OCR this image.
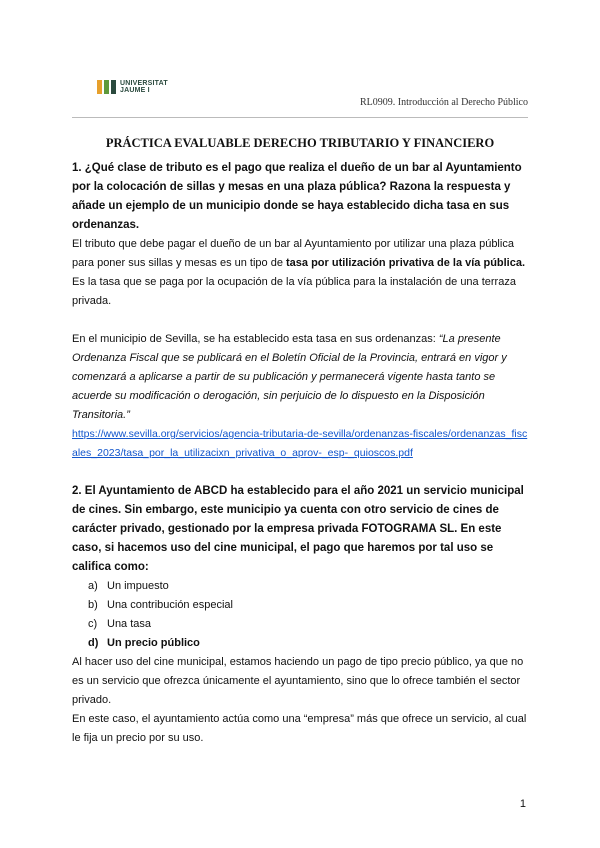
UNIVERSITAT
JAUME I
RL0909. Introducción al Derecho Público
PRÁCTICA EVALUABLE DERECHO TRIBUTARIO Y FINANCIERO

1. ¿Qué clase de tributo es el pago que realiza el dueño de un bar al Ayuntamiento por la colocación de sillas y mesas en una plaza pública? Razona la respuesta y añade un ejemplo de un municipio donde se haya establecido dicha tasa en sus ordenanzas.

El tributo que debe pagar el dueño de un bar al Ayuntamiento por utilizar una plaza pública para poner sus sillas y mesas es un tipo de tasa por utilización privativa de la vía pública. Es la tasa que se paga por la ocupación de la vía pública para la instalación de una terraza privada.

En el municipio de Sevilla, se ha establecido esta tasa en sus ordenanzas: “La presente Ordenanza Fiscal que se publicará en el Boletín Oficial de la Provincia, entrará en vigor y comenzará a aplicarse a partir de su publicación y permanecerá vigente hasta tanto se acuerde su modificación o derogación, sin perjuicio de lo dispuesto en la Disposición Transitoria.”

https://www.sevilla.org/servicios/agencia-tributaria-de-sevilla/ordenanzas-fiscales/ordenanzas_fiscales_2023/tasa_por_la_utilizacixn_privativa_o_aprov-_esp-_quioscos.pdf

2. El Ayuntamiento de ABCD ha establecido para el año 2021 un servicio municipal de cines. Sin embargo, este municipio ya cuenta con otro servicio de cines de carácter privado, gestionado por la empresa privada FOTOGRAMA SL. En este caso, si hacemos uso del cine municipal, el pago que haremos por tal uso se califica como:

a) Un impuesto
b) Una contribución especial
c) Una tasa
d) Un precio público

Al hacer uso del cine municipal, estamos haciendo un pago de tipo precio público, ya que no es un servicio que ofrezca únicamente el ayuntamiento, sino que lo ofrece también el sector privado.

En este caso, el ayuntamiento actúa como una “empresa” más que ofrece un servicio, al cual le fija un precio por su uso.

1
